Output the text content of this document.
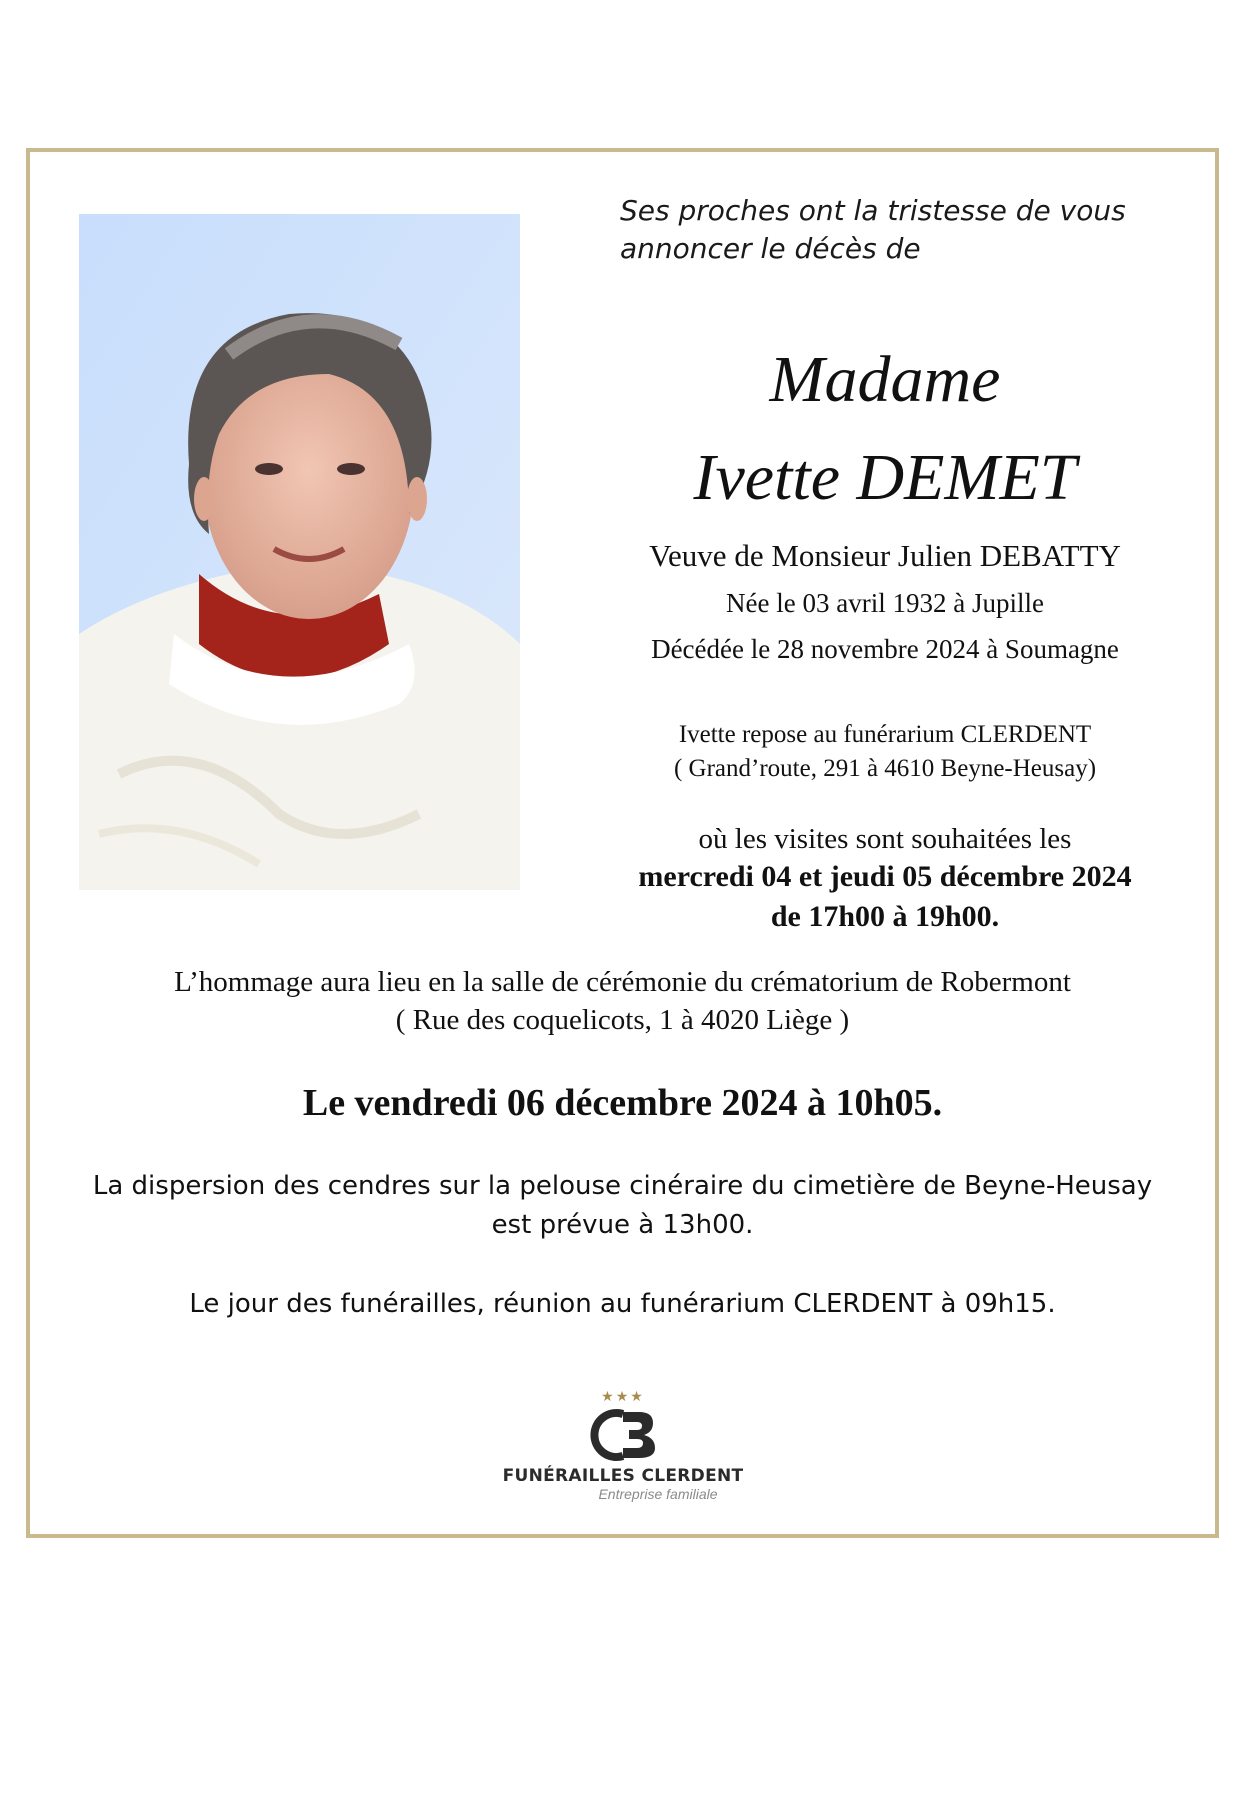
Ses proches ont la tristesse de vous
annoncer le décès de
Madame
Ivette DEMET
Veuve de Monsieur Julien DEBATTY
Née le 03 avril 1932 à Jupille
Décédée le 28 novembre 2024 à Soumagne
Ivette repose au funérarium CLERDENT
( Grand’route, 291 à 4610 Beyne-Heusay)
où les visites sont souhaitées les
mercredi 04 et jeudi 05 décembre 2024
de 17h00 à 19h00.
L’hommage aura lieu en la salle de cérémonie du crématorium de Robermont
( Rue des coquelicots, 1 à 4020 Liège )
Le vendredi 06 décembre 2024 à 10h05.
La dispersion des cendres sur la pelouse cinéraire du cimetière de Beyne-Heusay
est prévue à 13h00.
Le jour des funérailles, réunion au funérarium CLERDENT à 09h15.
★★★
FUNÉRAILLES CLERDENT
Entreprise familiale
